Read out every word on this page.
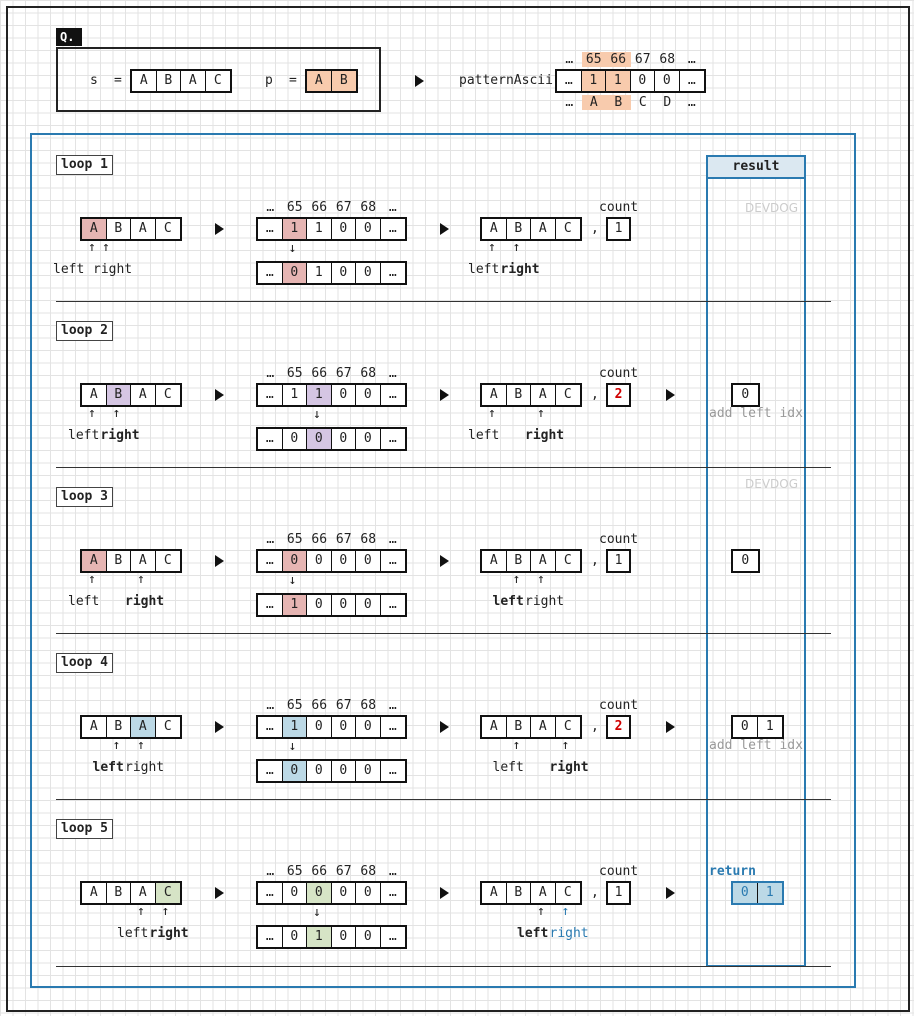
Q.
s =	A	B	A	C	p =	A	B	patternAscii
… 65 66 67 68 …
…	1	1	0	0	…
…	A	B	C	D	…
result
loop 1
A	B	A	C
↑ ↑
left right
… 65 66 67 68 …
…	1	1	0	0	…
↓
…	0	1	0	0	…
A	B	A	C
↑ ↑
left right
,
count
1
DEVDOG
loop 2
A	B	A	C
↑ ↑
left right
… 65 66 67 68 …
…	1	1	0	0	…
↓
…	0	0	0	0	…
A	B	A	C
↑	↑
left right
,
count
2	0
add left idx
loop 3
A	B	A	C
↑	↑
left right
… 65 66 67 68 …
…	0	0	0	0	…
↓
…	1	0	0	0	…
A	B	A	C
↑ ↑
left right
,
count
1
DEVDOG
0
loop 4
A	B	A	C
↑ ↑
left right
… 65 66 67 68 …
…	1	0	0	0	…
↓
…	0	0	0	0	…
A	B	A	C
↑	↑
left right
,
count
2	0	1
add left idx
loop 5
A	B	A	C
↑ ↑
left right
… 65 66 67 68 …
…	0	0	0	0	…
↓
…	0	1	0	0	…
A	B	A	C
↑ ↑
left right
,
count
1	0	1
return
